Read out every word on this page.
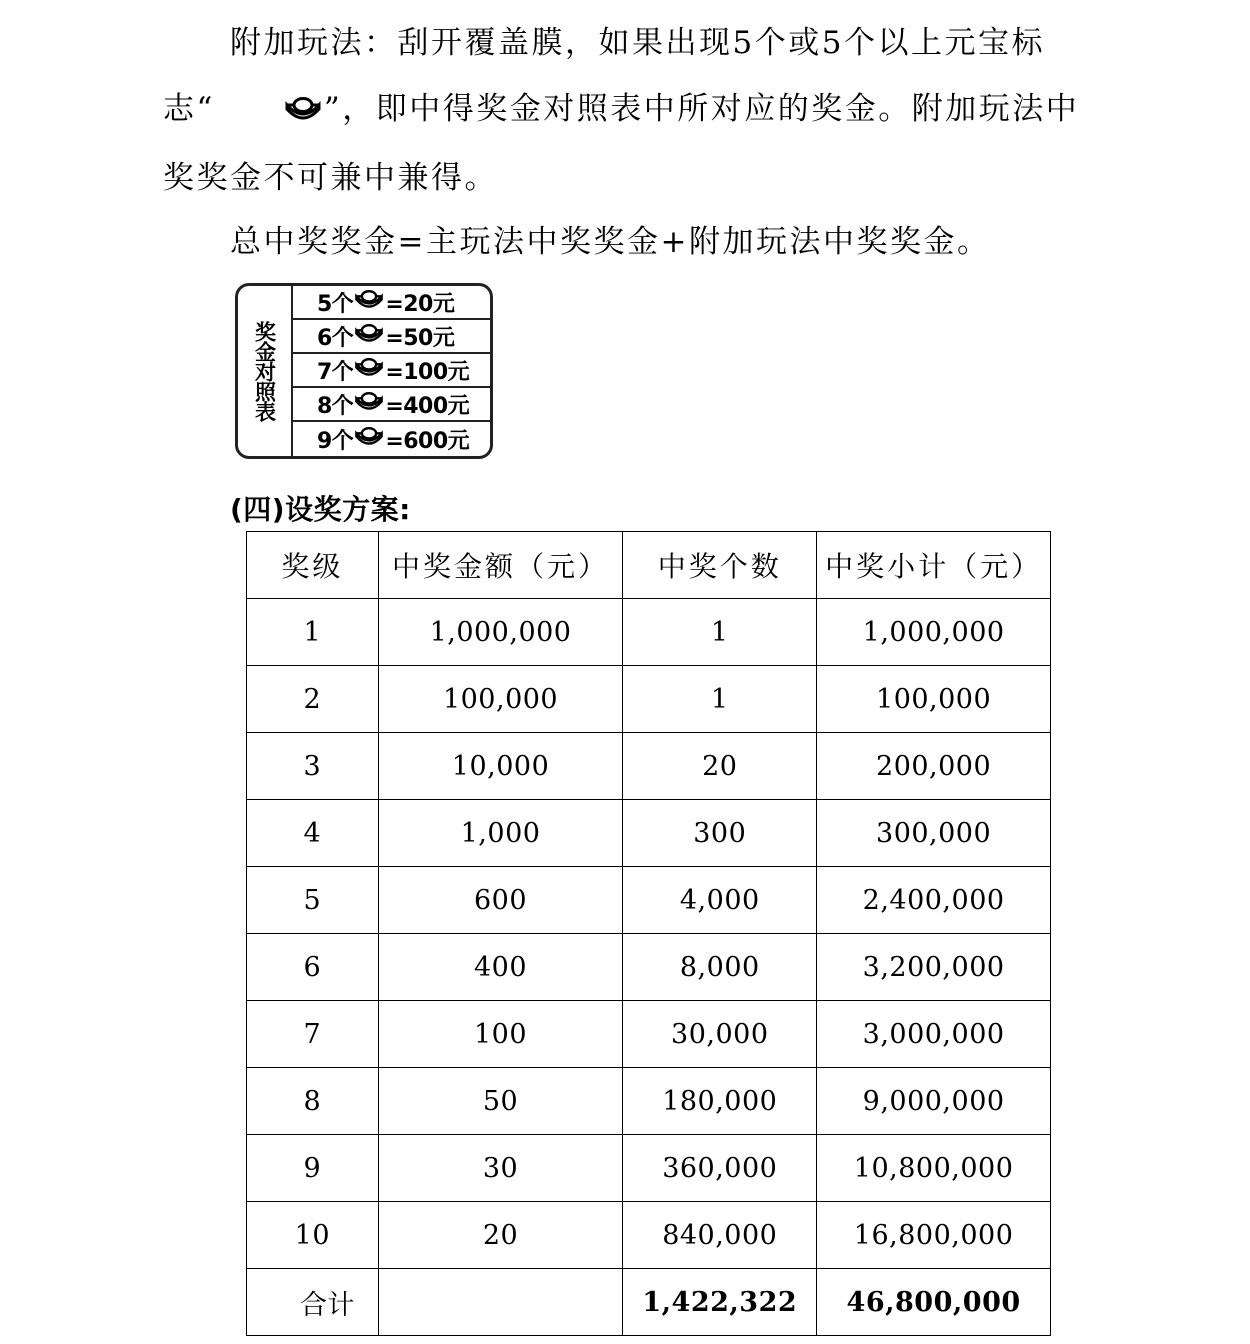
附加玩法：刮开覆盖膜，如果出现5个或5个以上元宝标志“	”，即中得奖金对照表中所对应的奖金。附加玩法中奖奖金不可兼中兼得。

总中奖奖金=主玩法中奖奖金+附加玩法中奖奖金。

奖金对照表
5个 =20元
6个 =50元
7个 =100元
8个 =400元
9个 =600元
(四)设奖方案:
奖级	中奖金额（元）	中奖个数	中奖小计（元）
1	1,000,000	1	1,000,000
2	100,000	1	100,000
3	10,000	20	200,000
4	1,000	300	300,000
5	600	4,000	2,400,000
6	400	8,000	3,200,000
7	100	30,000	3,000,000
8	50	180,000	9,000,000
9	30	360,000	10,800,000
10	20	840,000	16,800,000
合计		1,422,322	46,800,000
